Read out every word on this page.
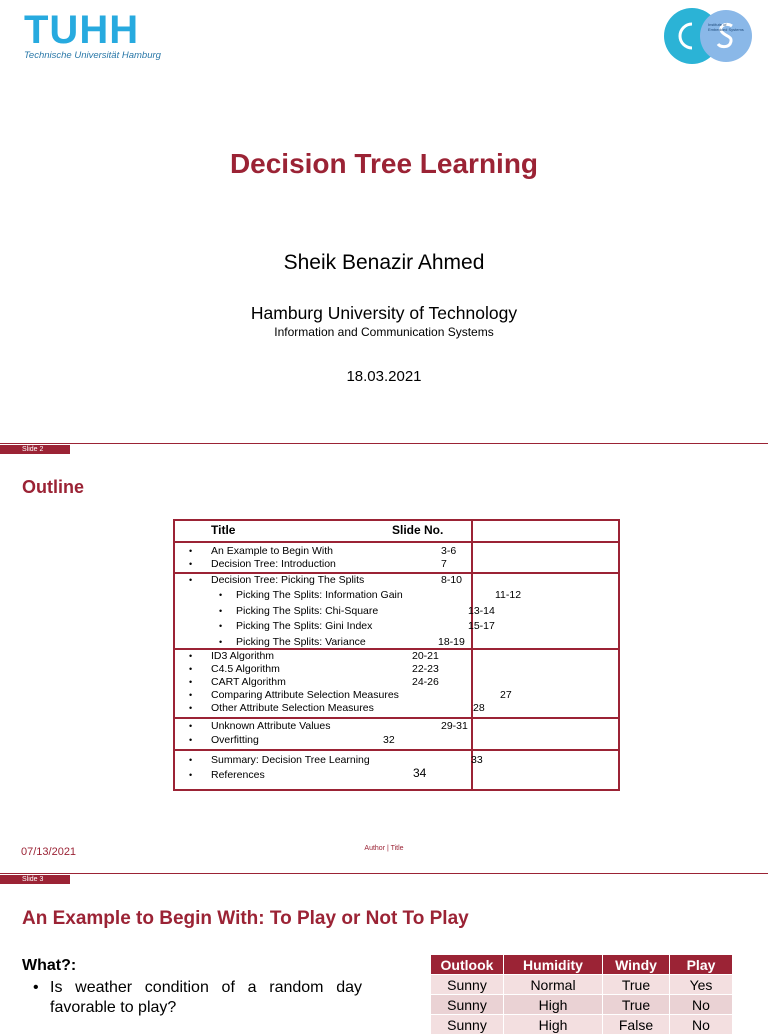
TUHH
Technische Universität Hamburg
Institute of
Embedded Systems
Decision Tree Learning
Sheik Benazir Ahmed
Hamburg University of Technology
Information and Communication Systems
18.03.2021
Slide 2
Outline
Title	Slide No.
• An Example to Begin With	3-6
• Decision Tree: Introduction	7
• Decision Tree: Picking The Splits	8-10
• Picking The Splits: Information Gain	11-12
• Picking The Splits: Chi-Square	13-14
• Picking The Splits: Gini Index	15-17
• Picking The Splits: Variance	18-19
• ID3 Algorithm	20-21
• C4.5 Algorithm	22-23
• CART Algorithm	24-26
• Comparing Attribute Selection Measures	27
• Other Attribute Selection Measures	28
• Unknown Attribute Values	29-31
• Overfitting	32
• Summary: Decision Tree Learning	33
• References	34
07/13/2021	Author | Title
Slide 3
An Example to Begin With: To Play or Not To Play
What?:
• Is weather condition of a random day
favorable to play?
Outlook	Humidity	Windy	Play
Sunny	Normal	True	Yes
Sunny	High	True	No
Sunny	High	False	No
